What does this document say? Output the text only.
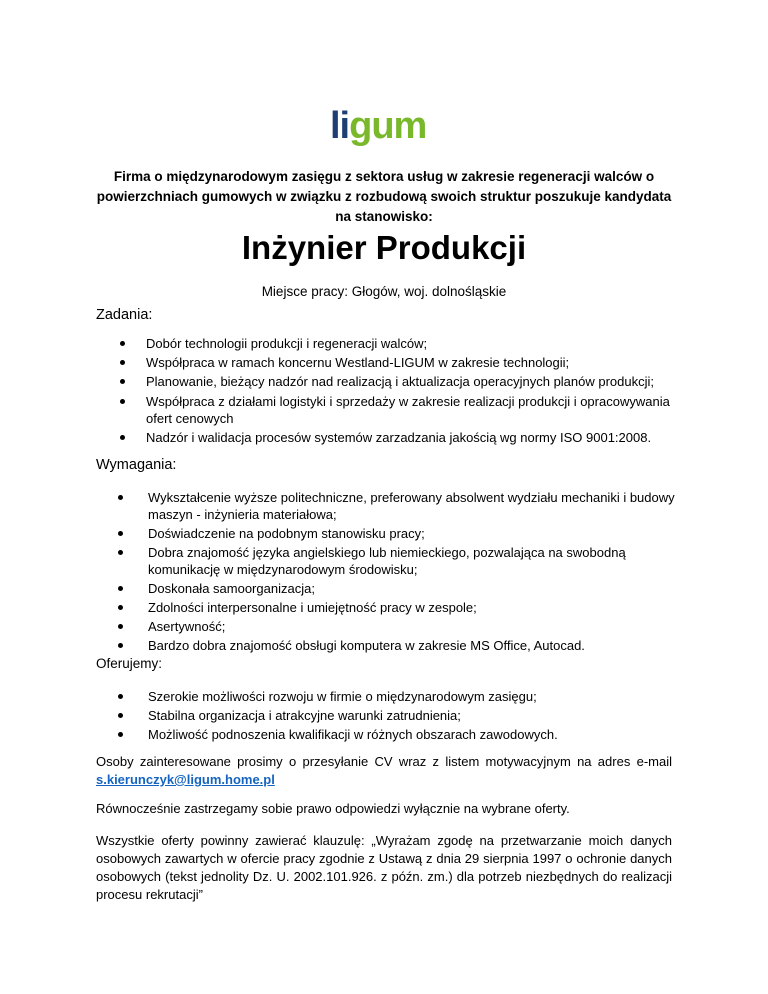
ligum
Firma o międzynarodowym zasięgu z sektora usług w zakresie regeneracji walców o powierzchniach gumowych w związku z rozbudową swoich struktur poszukuje kandydata na stanowisko:
Inżynier Produkcji
Miejsce pracy: Głogów, woj. dolnośląskie
Zadania:
Dobór technologii produkcji i regeneracji walców;
Współpraca w ramach koncernu Westland-LIGUM w zakresie technologii;
Planowanie, bieżący nadzór nad realizacją i aktualizacja operacyjnych planów produkcji;
Współpraca z działami logistyki i sprzedaży w zakresie realizacji produkcji i opracowywania ofert cenowych
Nadzór i walidacja procesów systemów zarzadzania jakością wg normy ISO 9001:2008.
Wymagania:
Wykształcenie wyższe politechniczne, preferowany absolwent wydziału mechaniki i budowy maszyn - inżynieria materiałowa;
Doświadczenie na podobnym stanowisku pracy;
Dobra znajomość języka angielskiego lub niemieckiego, pozwalająca na swobodną komunikację w międzynarodowym środowisku;
Doskonała samoorganizacja;
Zdolności interpersonalne i umiejętność pracy w zespole;
Asertywność;
Bardzo dobra znajomość obsługi komputera w zakresie MS Office, Autocad.
Oferujemy:
Szerokie możliwości rozwoju w firmie o międzynarodowym zasięgu;
Stabilna organizacja i atrakcyjne warunki zatrudnienia;
Możliwość podnoszenia kwalifikacji w różnych obszarach zawodowych.
Osoby zainteresowane prosimy o przesyłanie CV wraz z listem motywacyjnym na adres e-mail s.kierunczyk@ligum.home.pl
Równocześnie zastrzegamy sobie prawo odpowiedzi wyłącznie na wybrane oferty.
Wszystkie oferty powinny zawierać klauzulę: „Wyrażam zgodę na przetwarzanie moich danych osobowych zawartych w ofercie pracy zgodnie z Ustawą z dnia 29 sierpnia 1997 o ochronie danych osobowych (tekst jednolity Dz. U. 2002.101.926. z późn. zm.) dla potrzeb niezbędnych do realizacji procesu rekrutacji”
